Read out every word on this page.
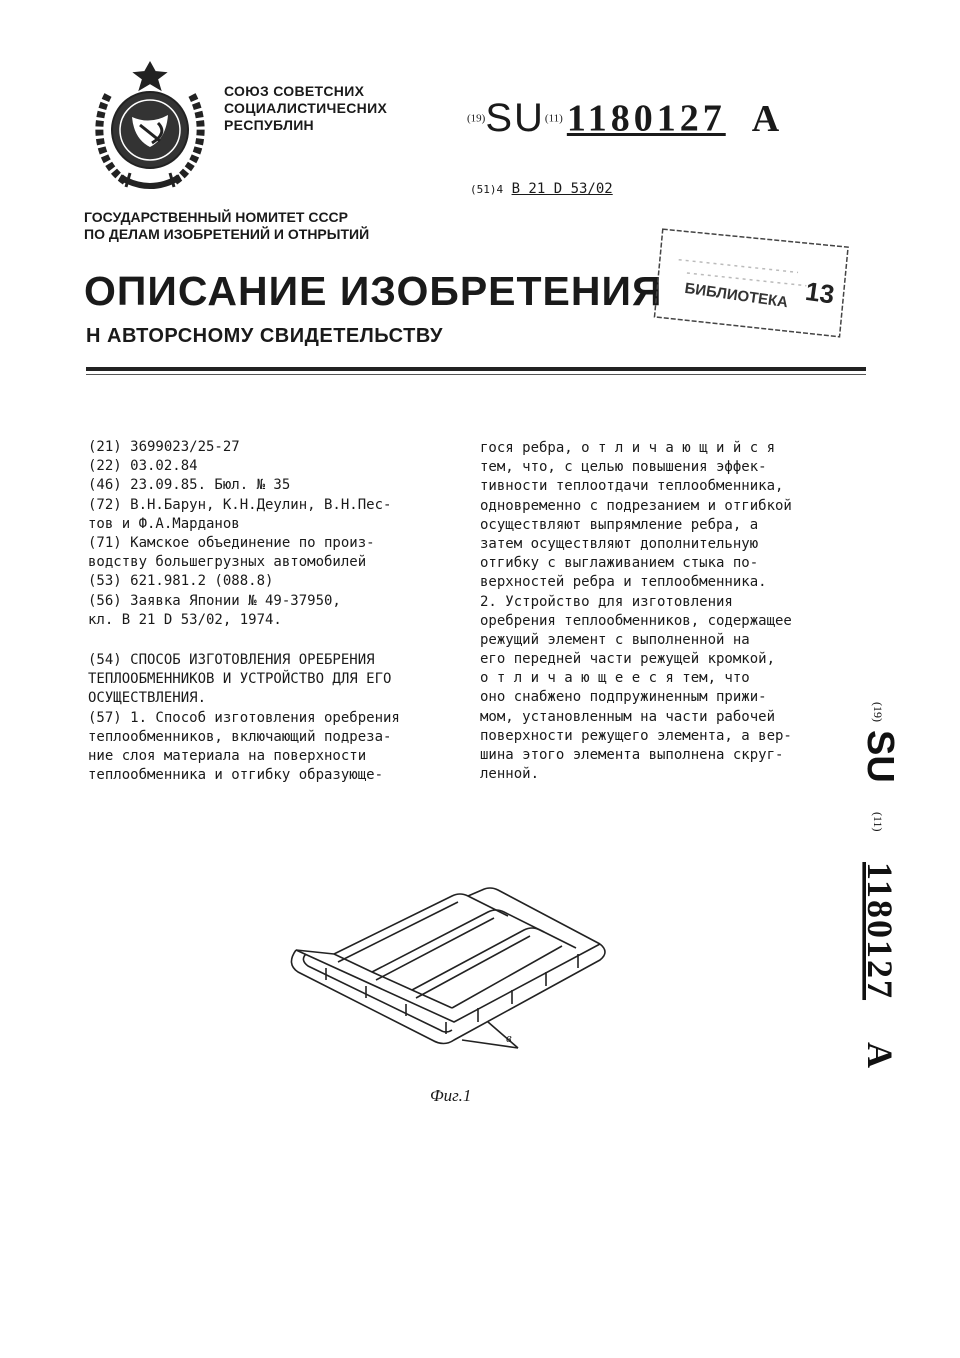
СОЮЗ СОВЕТСНИХ
СОЦИАЛИСТИЧЕСНИХ
РЕСПУБЛИН	(19)SU(11) 1180127 A
(51)4 B 21 D 53/02
ГОСУДАРСТВЕННЫЙ НОМИТЕТ СССР
ПО ДЕЛАМ ИЗОБРЕТЕНИЙ И ОТНРЫТИЙ
ОПИСАНИЕ ИЗОБРЕТЕНИЯ
Н АВТОРСНОМУ СВИДЕТЕЛЬСТВУ
БИБЛИОТЕКА 13
(21) 3699023/25-27
(22) 03.02.84
(46) 23.09.85. Бюл. № 35
(72) В.Н.Барун, К.Н.Деулин, В.Н.Пес-
тов и Ф.А.Марданов
(71) Камское объединение по произ-
водству большегрузных автомобилей
(53) 621.981.2 (088.8)
(56) Заявка Японии № 49-37950,
кл. B 21 D 53/02, 1974.
(54) СПОСОБ ИЗГОТОВЛЕНИЯ ОРЕБРЕНИЯ
ТЕПЛООБМЕННИКОВ И УСТРОЙСТВО ДЛЯ ЕГО
ОСУЩЕСТВЛЕНИЯ.
(57) 1. Способ изготовления оребрения
теплообменников, включающий подреза-
ние слоя материала на поверхности
теплообменника и отгибку образующе-
гося ребра, о т л и ч а ю щ и й с я
тем, что, с целью повышения эффек-
тивности теплоотдачи теплообменника,
одновременно с подрезанием и отгибкой
осуществляют выпрямление ребра, а
затем осуществляют дополнительную
отгибку с выглаживанием стыка по-
верхностей ребра и теплообменника.
2. Устройство для изготовления
оребрения теплообменников, содержащее
режущий элемент с выполненной на
его передней части режущей кромкой,
о т л и ч а ю щ е е с я тем, что
оно снабжено подпружиненным прижи-
мом, установленным на части рабочей
поверхности режущего элемента, а вер-
шина этого элемента выполнена скруг-
ленной.
(19)
SU
(11)
1180127
A
в
Фиг.1
